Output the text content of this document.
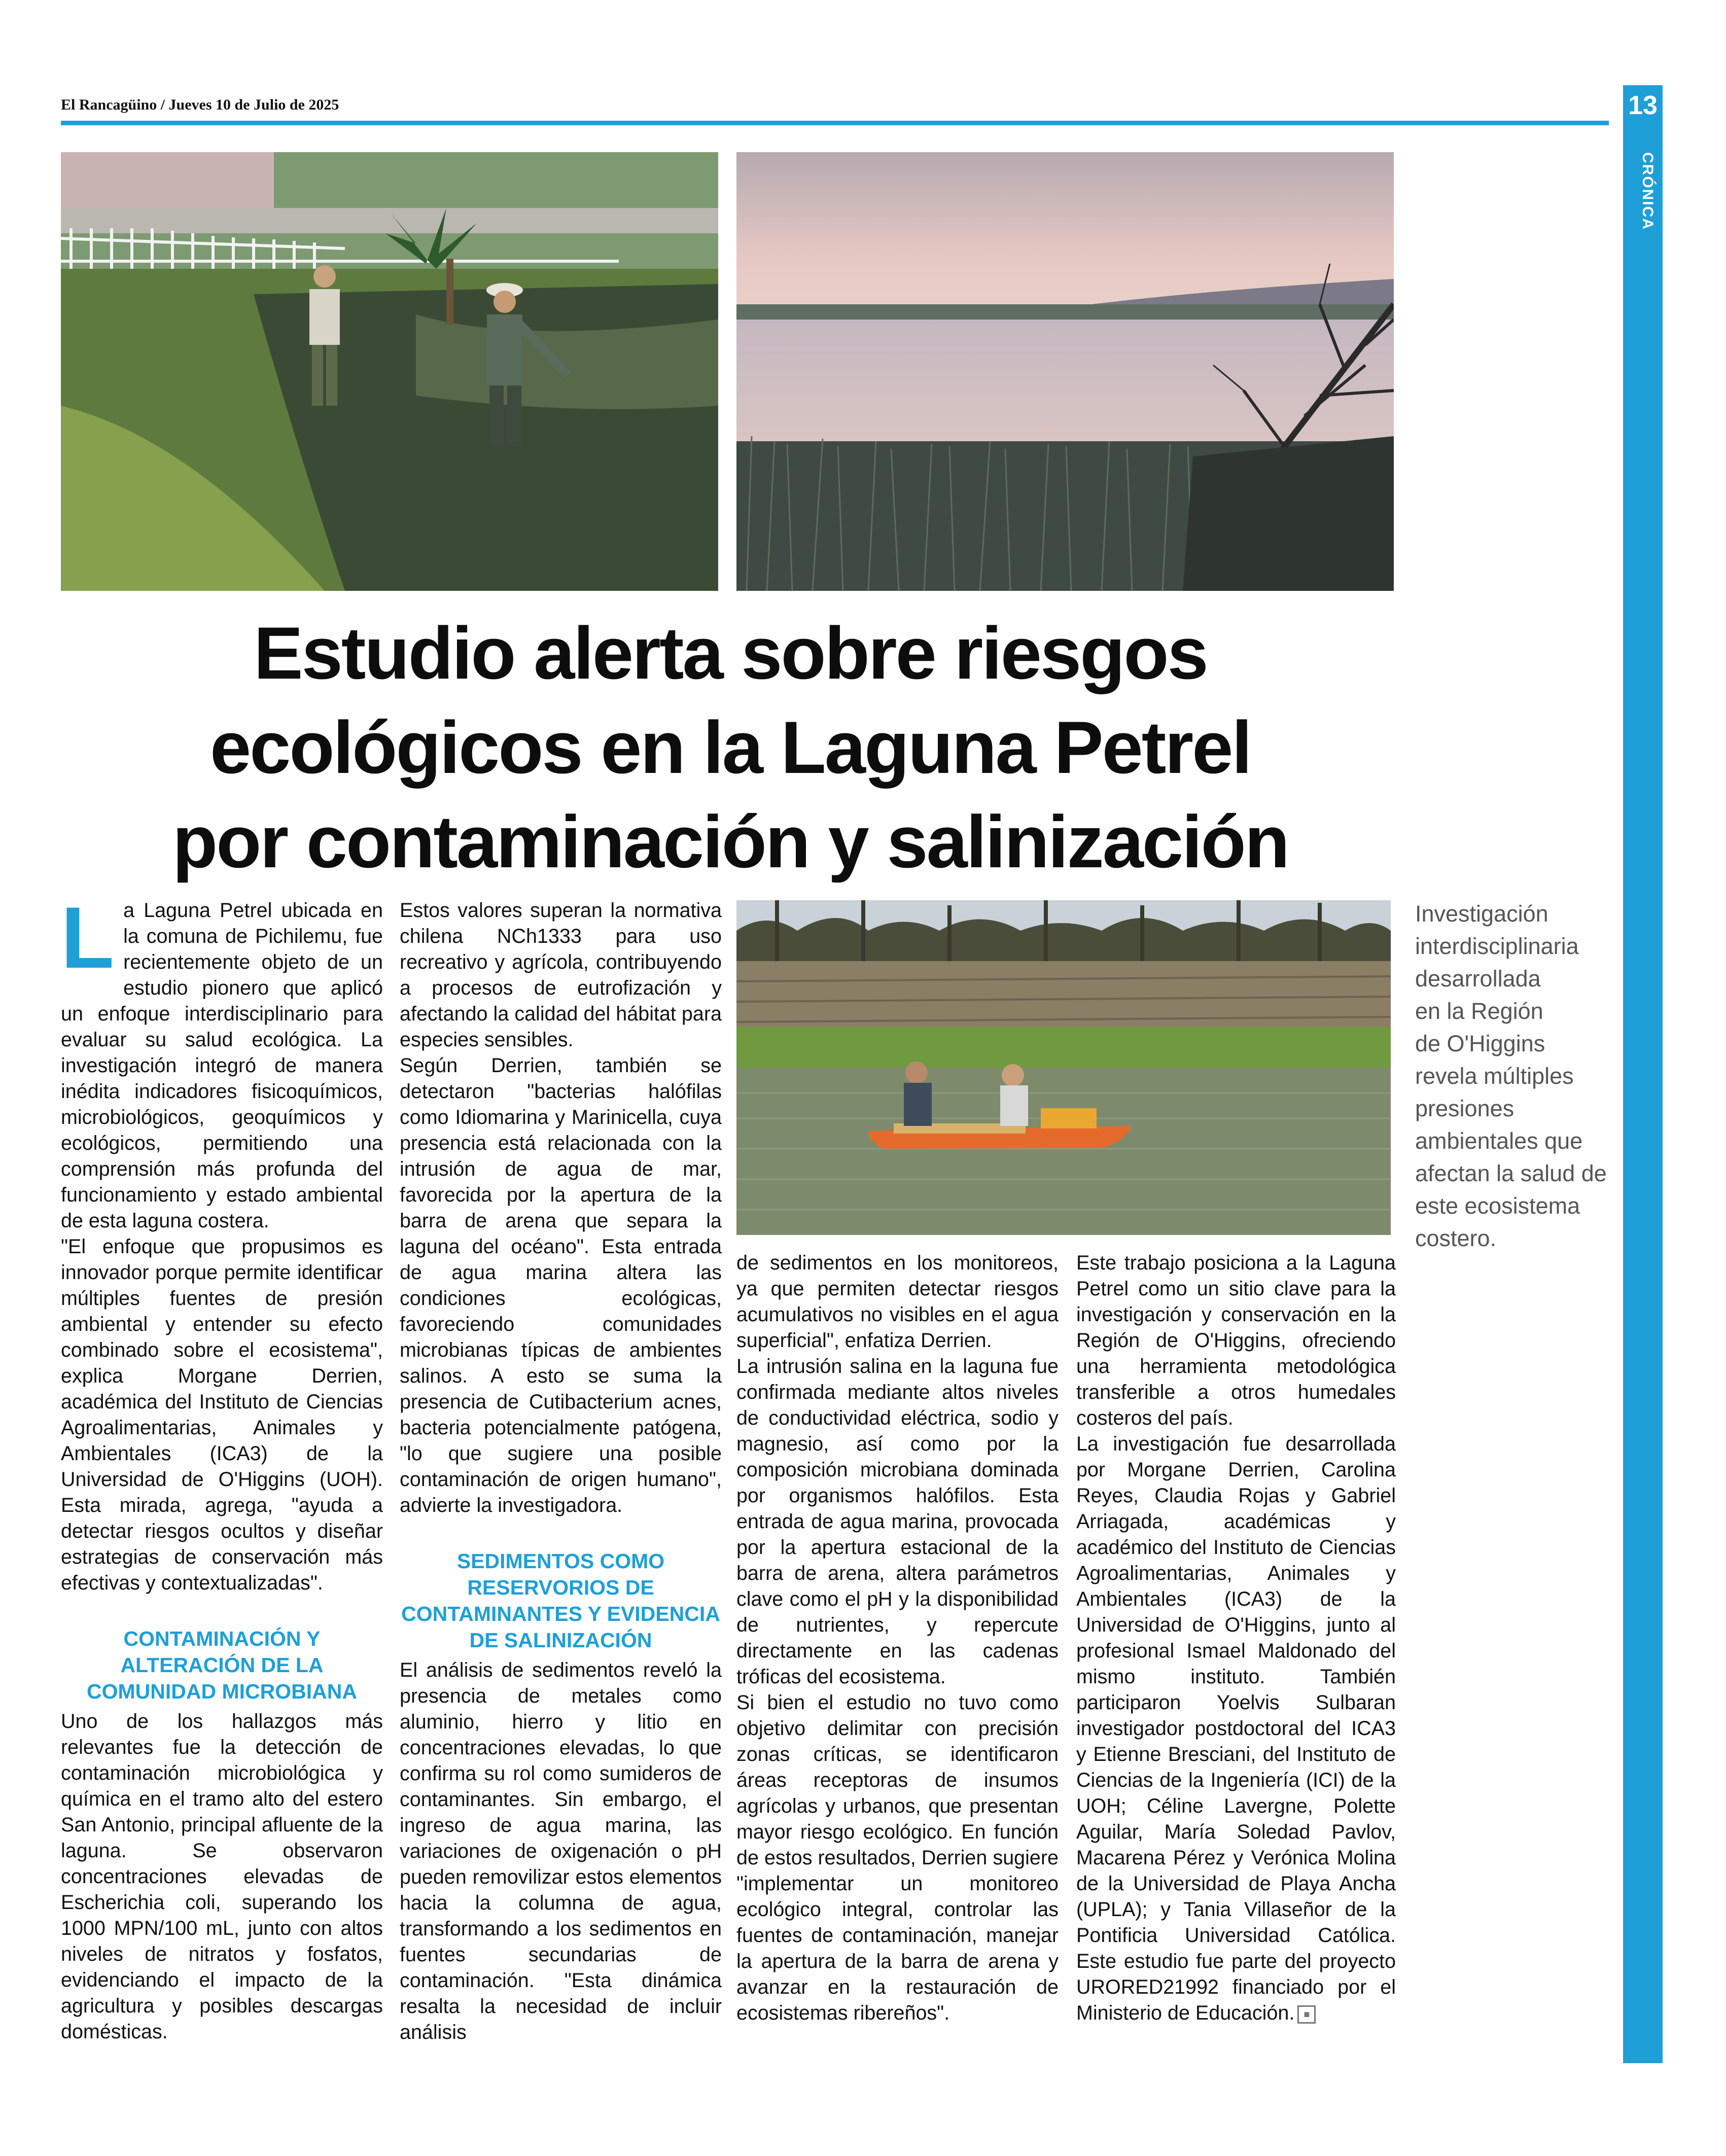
El Rancagüino / Jueves 10 de Julio de 2025	13
CRÓNICA
Estudio alerta sobre riesgos
ecológicos en la Laguna Petrel
por contaminación y salinización

La Laguna Petrel ubicada en la comuna de Pichilemu, fue recientemente objeto de un estudio pionero que aplicó un enfoque interdisciplinario para evaluar su salud ecológica. La investigación integró de manera inédita indicadores fisicoquímicos, microbiológicos, geoquímicos y ecológicos, permitiendo una comprensión más profunda del funcionamiento y estado ambiental de esta laguna costera.

"El enfoque que propusimos es innovador porque permite identificar múltiples fuentes de presión ambiental y entender su efecto combinado sobre el ecosistema", explica Morgane Derrien, académica del Instituto de Ciencias Agroalimentarias, Animales y Ambientales (ICA3) de la Universidad de O'Higgins (UOH). Esta mirada, agrega, "ayuda a detectar riesgos ocultos y diseñar estrategias de conservación más efectivas y contextualizadas".

CONTAMINACIÓN Y ALTERACIÓN DE LA COMUNIDAD MICROBIANA

Uno de los hallazgos más relevantes fue la detección de contaminación microbiológica y química en el tramo alto del estero San Antonio, principal afluente de la laguna. Se observaron concentraciones elevadas de Escherichia coli, superando los 1000 MPN/100 mL, junto con altos niveles de nitratos y fosfatos, evidenciando el impacto de la agricultura y posibles descargas domésticas.

Estos valores superan la normativa chilena NCh1333 para uso recreativo y agrícola, contribuyendo a procesos de eutrofización y afectando la calidad del hábitat para especies sensibles.

Según Derrien, también se detectaron "bacterias halófilas como Idiomarina y Marinicella, cuya presencia está relacionada con la intrusión de agua de mar, favorecida por la apertura de la barra de arena que separa la laguna del océano". Esta entrada de agua marina altera las condiciones ecológicas, favoreciendo comunidades microbianas típicas de ambientes salinos. A esto se suma la presencia de Cutibacterium acnes, bacteria potencialmente patógena, "lo que sugiere una posible contaminación de origen humano", advierte la investigadora.

SEDIMENTOS COMO RESERVORIOS DE CONTAMINANTES Y EVIDENCIA DE SALINIZACIÓN

El análisis de sedimentos reveló la presencia de metales como aluminio, hierro y litio en concentraciones elevadas, lo que confirma su rol como sumideros de contaminantes. Sin embargo, el ingreso de agua marina, las variaciones de oxigenación o pH pueden removilizar estos elementos hacia la columna de agua, transformando a los sedimentos en fuentes secundarias de contaminación. "Esta dinámica resalta la necesidad de incluir análisis

Investigación
interdisciplinaria
desarrollada
en la Región
de O'Higgins
revela múltiples
presiones
ambientales que
afectan la salud de
este ecosistema
costero.

de sedimentos en los monitoreos, ya que permiten detectar riesgos acumulativos no visibles en el agua superficial", enfatiza Derrien.

La intrusión salina en la laguna fue confirmada mediante altos niveles de conductividad eléctrica, sodio y magnesio, así como por la composición microbiana dominada por organismos halófilos. Esta entrada de agua marina, provocada por la apertura estacional de la barra de arena, altera parámetros clave como el pH y la disponibilidad de nutrientes, y repercute directamente en las cadenas tróficas del ecosistema.

Si bien el estudio no tuvo como objetivo delimitar con precisión zonas críticas, se identificaron áreas receptoras de insumos agrícolas y urbanos, que presentan mayor riesgo ecológico. En función de estos resultados, Derrien sugiere "implementar un monitoreo ecológico integral, controlar las fuentes de contaminación, manejar la apertura de la barra de arena y avanzar en la restauración de ecosistemas ribereños".

Este trabajo posiciona a la Laguna Petrel como un sitio clave para la investigación y conservación en la Región de O'Higgins, ofreciendo una herramienta metodológica transferible a otros humedales costeros del país.

La investigación fue desarrollada por Morgane Derrien, Carolina Reyes, Claudia Rojas y Gabriel Arriagada, académicas y académico del Instituto de Ciencias Agroalimentarias, Animales y Ambientales (ICA3) de la Universidad de O'Higgins, junto al profesional Ismael Maldonado del mismo instituto. También participaron Yoelvis Sulbaran investigador postdoctoral del ICA3 y Etienne Bresciani, del Instituto de Ciencias de la Ingeniería (ICI) de la UOH; Céline Lavergne, Polette Aguilar, María Soledad Pavlov, Macarena Pérez y Verónica Molina de la Universidad de Playa Ancha (UPLA); y Tania Villaseñor de la Pontificia Universidad Católica. Este estudio fue parte del proyecto URORED21992 financiado por el Ministerio de Educación. ■
